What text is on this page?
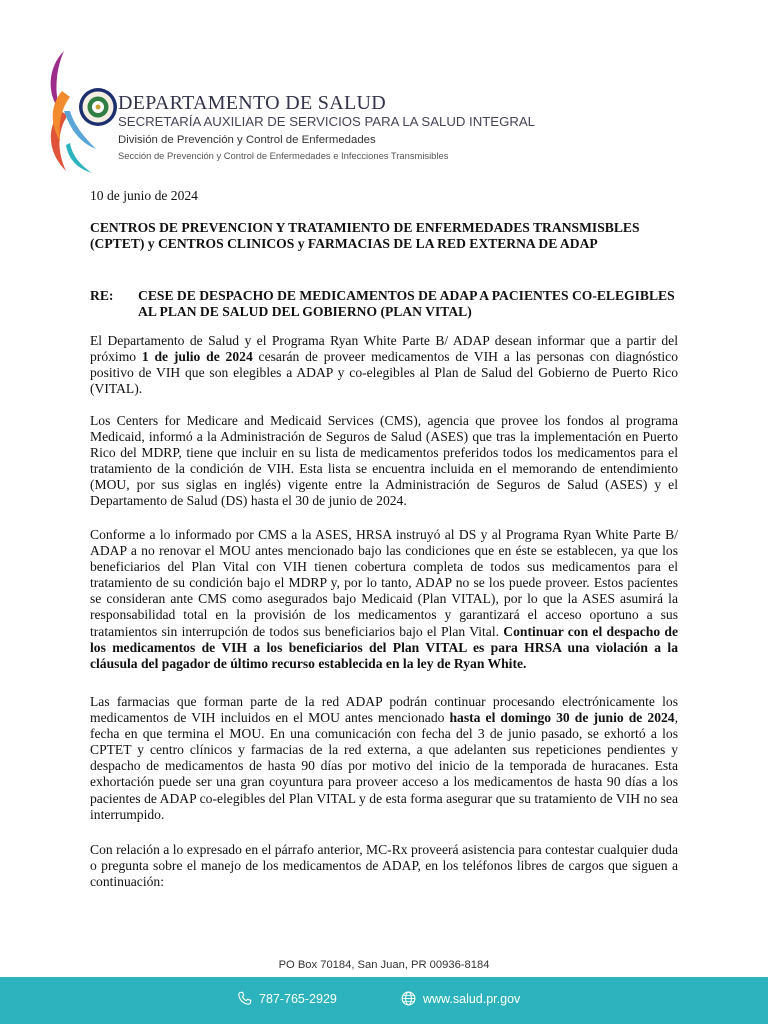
DEPARTAMENTO DE SALUD
SECRETARÍA AUXILIAR DE SERVICIOS PARA LA SALUD INTEGRAL
División de Prevención y Control de Enfermedades
Sección de Prevención y Control de Enfermedades e Infecciones Transmisibles
10 de junio de 2024
CENTROS DE PREVENCION Y TRATAMIENTO DE ENFERMEDADES TRANSMISBLES (CPTET) y CENTROS CLINICOS y FARMACIAS DE LA RED EXTERNA DE ADAP
RE:	CESE DE DESPACHO DE MEDICAMENTOS DE ADAP A PACIENTES CO-ELEGIBLES AL PLAN DE SALUD DEL GOBIERNO (PLAN VITAL)
El Departamento de Salud y el Programa Ryan White Parte B/ ADAP desean informar que a partir del próximo 1 de julio de 2024 cesarán de proveer medicamentos de VIH a las personas con diagnóstico positivo de VIH que son elegibles a ADAP y co-elegibles al Plan de Salud del Gobierno de Puerto Rico (VITAL).
Los Centers for Medicare and Medicaid Services (CMS), agencia que provee los fondos al programa Medicaid, informó a la Administración de Seguros de Salud (ASES) que tras la implementación en Puerto Rico del MDRP, tiene que incluir en su lista de medicamentos preferidos todos los medicamentos para el tratamiento de la condición de VIH. Esta lista se encuentra incluida en el memorando de entendimiento (MOU, por sus siglas en inglés) vigente entre la Administración de Seguros de Salud (ASES) y el Departamento de Salud (DS) hasta el 30 de junio de 2024.
Conforme a lo informado por CMS a la ASES, HRSA instruyó al DS y al Programa Ryan White Parte B/ ADAP a no renovar el MOU antes mencionado bajo las condiciones que en éste se establecen, ya que los beneficiarios del Plan Vital con VIH tienen cobertura completa de todos sus medicamentos para el tratamiento de su condición bajo el MDRP y, por lo tanto, ADAP no se los puede proveer. Estos pacientes se consideran ante CMS como asegurados bajo Medicaid (Plan VITAL), por lo que la ASES asumirá la responsabilidad total en la provisión de los medicamentos y garantizará el acceso oportuno a sus tratamientos sin interrupción de todos sus beneficiarios bajo el Plan Vital. Continuar con el despacho de los medicamentos de VIH a los beneficiarios del Plan VITAL es para HRSA una violación a la cláusula del pagador de último recurso establecida en la ley de Ryan White.
Las farmacias que forman parte de la red ADAP podrán continuar procesando electrónicamente los medicamentos de VIH incluidos en el MOU antes mencionado hasta el domingo 30 de junio de 2024, fecha en que termina el MOU. En una comunicación con fecha del 3 de junio pasado, se exhortó a los CPTET y centro clínicos y farmacias de la red externa, a que adelanten sus repeticiones pendientes y despacho de medicamentos de hasta 90 días por motivo del inicio de la temporada de huracanes. Esta exhortación puede ser una gran coyuntura para proveer acceso a los medicamentos de hasta 90 días a los pacientes de ADAP co-elegibles del Plan VITAL y de esta forma asegurar que su tratamiento de VIH no sea interrumpido.
Con relación a lo expresado en el párrafo anterior, MC-Rx proveerá asistencia para contestar cualquier duda o pregunta sobre el manejo de los medicamentos de ADAP, en los teléfonos libres de cargos que siguen a continuación:
PO Box 70184, San Juan, PR 00936-8184
787-765-2929	www.salud.pr.gov
